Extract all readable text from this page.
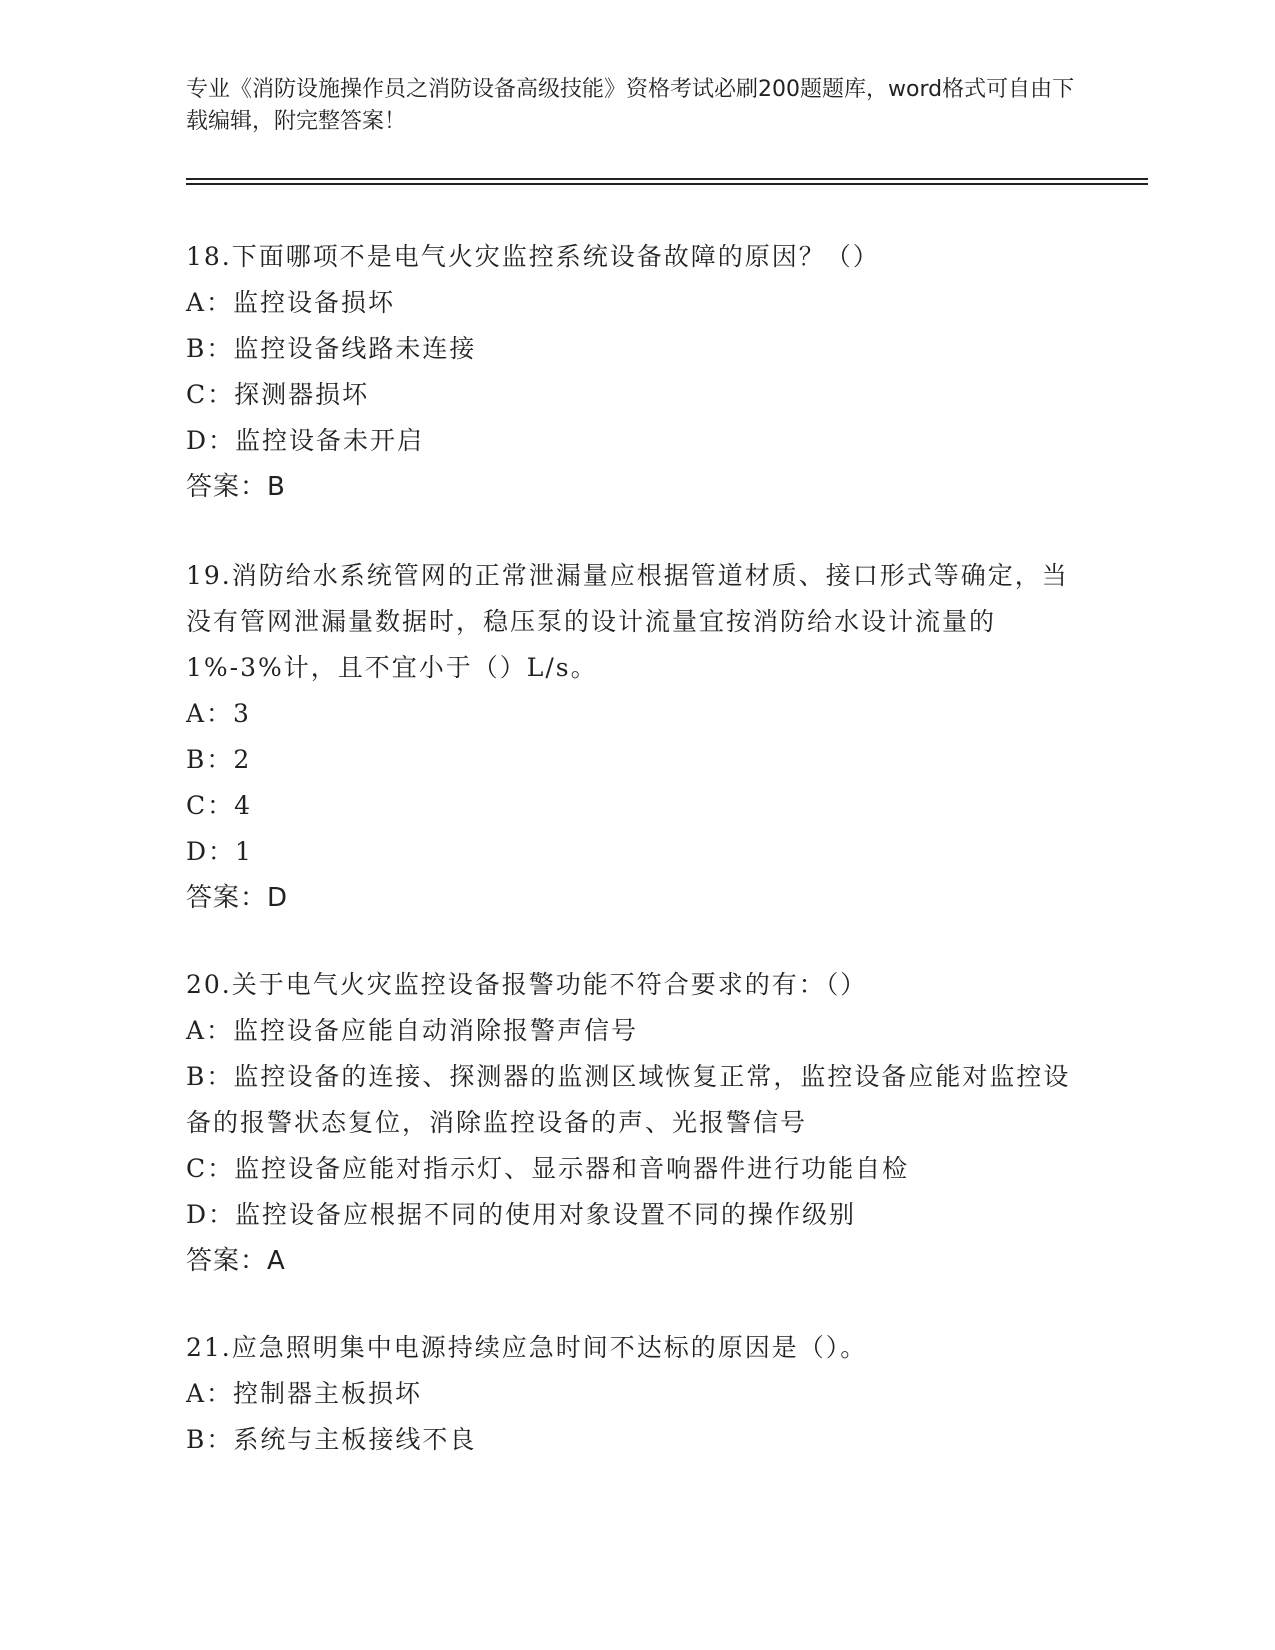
专业《消防设施操作员之消防设备高级技能》资格考试必刷200题题库，word格式可自由下载编辑，附完整答案！

18.下面哪项不是电气火灾监控系统设备故障的原因？（）
A：监控设备损坏
B：监控设备线路未连接
C：探测器损坏
D：监控设备未开启
答案：B
19.消防给水系统管网的正常泄漏量应根据管道材质、接口形式等确定，当没有管网泄漏量数据时，稳压泵的设计流量宜按消防给水设计流量的1%-3%计，且不宜小于（）L/s。
A：3
B：2
C：4
D：1
答案：D
20.关于电气火灾监控设备报警功能不符合要求的有：（）
A：监控设备应能自动消除报警声信号
B：监控设备的连接、探测器的监测区域恢复正常，监控设备应能对监控设备的报警状态复位，消除监控设备的声、光报警信号
C：监控设备应能对指示灯、显示器和音响器件进行功能自检
D：监控设备应根据不同的使用对象设置不同的操作级别
答案：A
21.应急照明集中电源持续应急时间不达标的原因是（）。
A：控制器主板损坏
B：系统与主板接线不良
